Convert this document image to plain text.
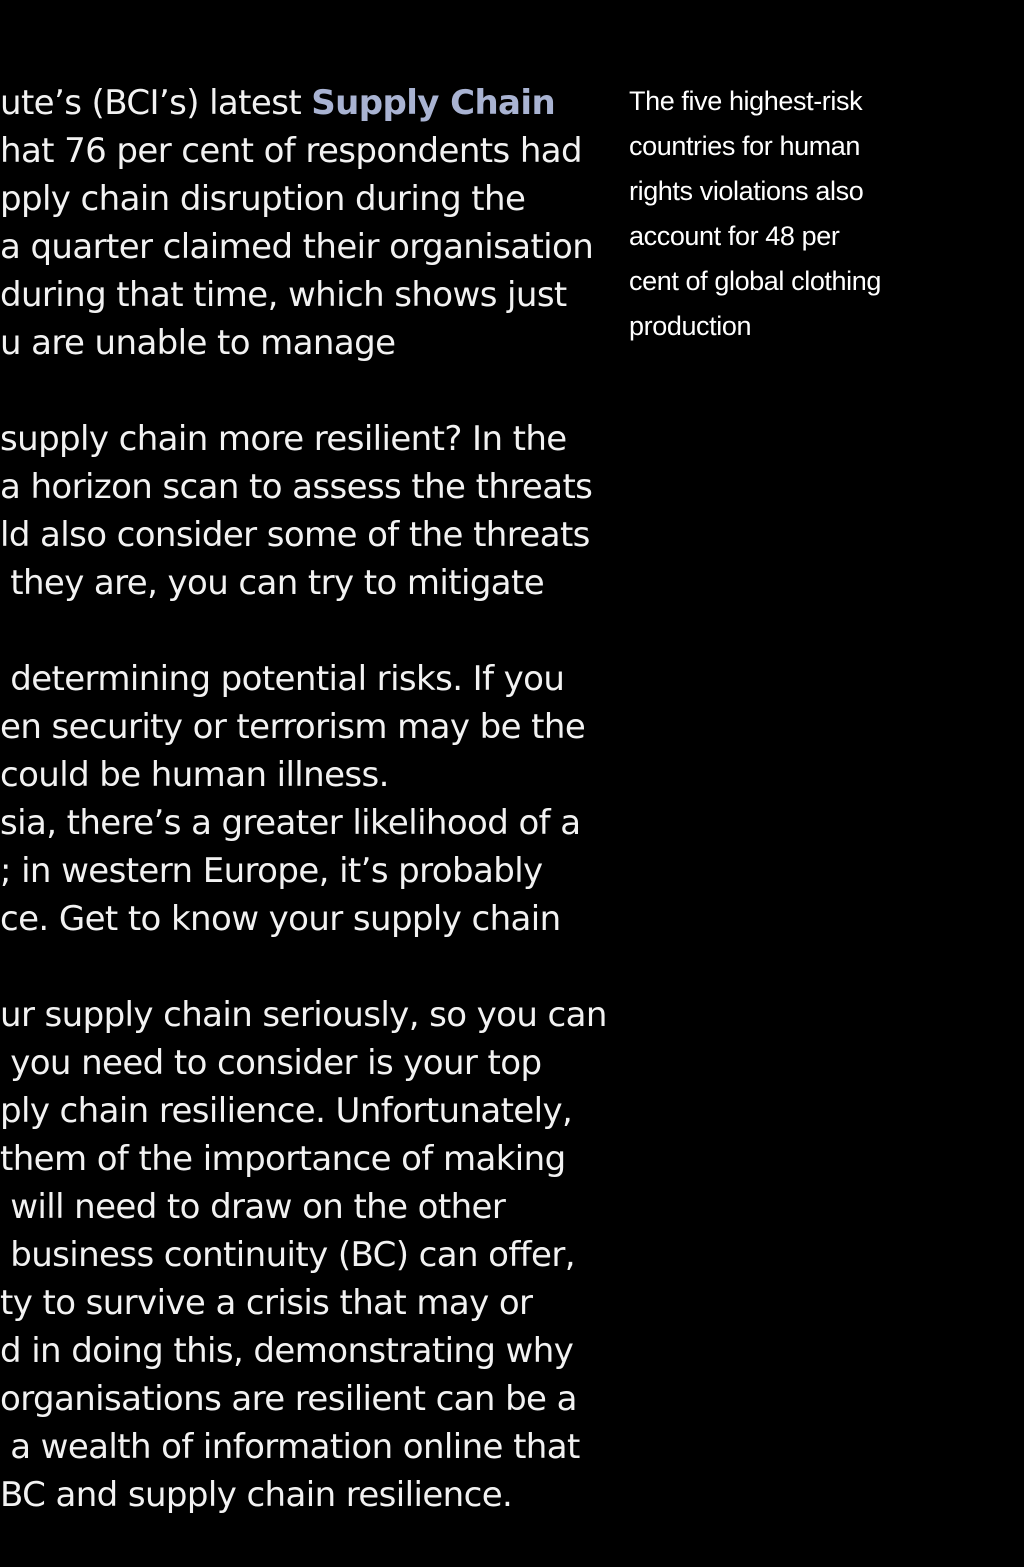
ute’s (BCI’s) latest Supply Chain
hat 76 per cent of respondents had
pply chain disruption during the
a quarter claimed their organisation
during that time, which shows just
u are unable to manage
supply chain more resilient? In the
a horizon scan to assess the threats
ld also consider some of the threats
they are, you can try to mitigate
determining potential risks. If you
en security or terrorism may be the
could be human illness.
sia, there’s a greater likelihood of a
; in western Europe, it’s probably
ce. Get to know your supply chain
ur supply chain seriously, so you can
you need to consider is your top
ply chain resilience. Unfortunately,
them of the importance of making
will need to draw on the other
business continuity (BC) can offer,
ty to survive a crisis that may or
d in doing this, demonstrating why
organisations are resilient can be a
a wealth of information online that
BC and supply chain resilience.
The five highest-risk
countries for human
rights violations also
account for 48 per
cent of global clothing
production
